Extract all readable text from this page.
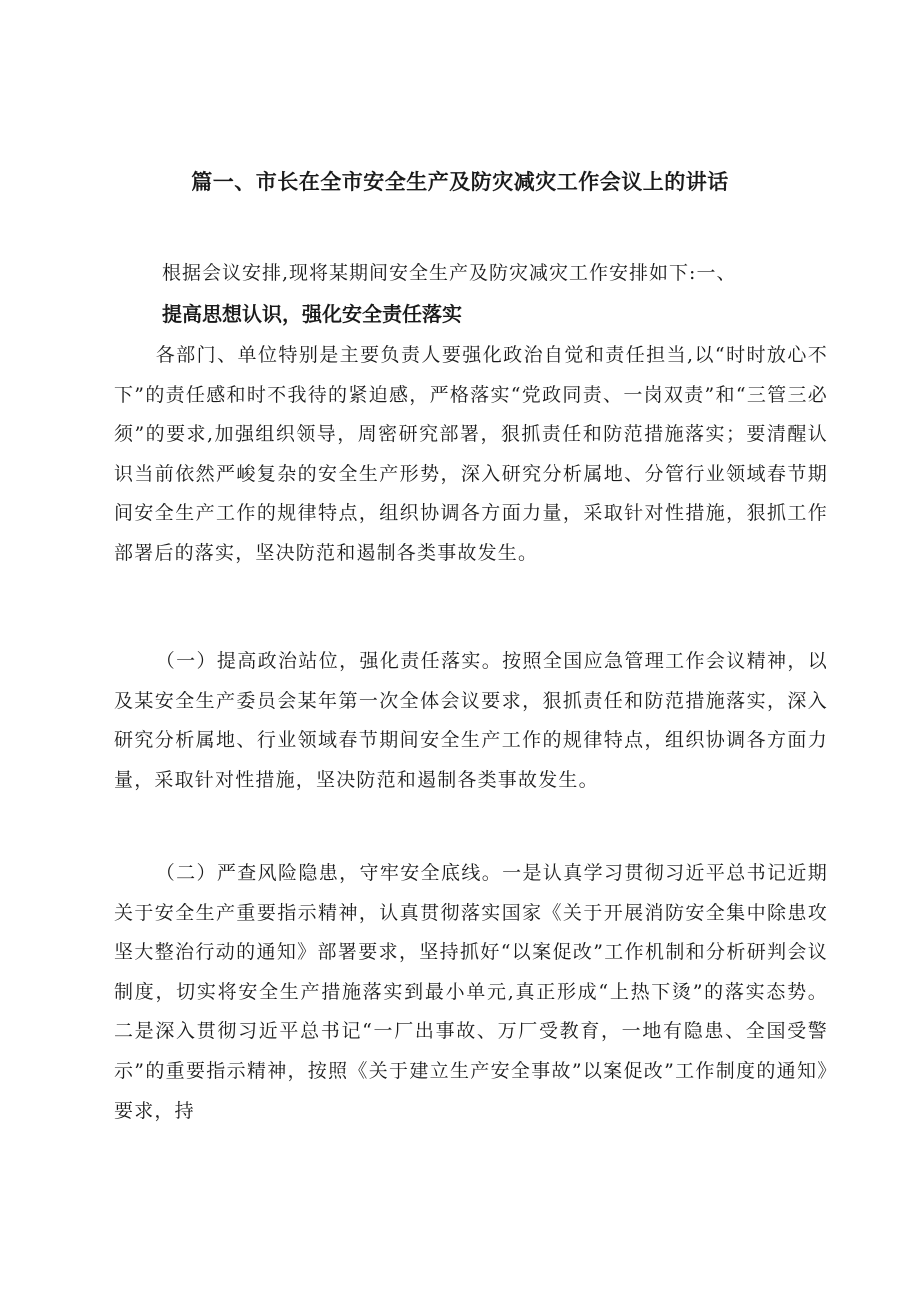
篇一、市长在全市安全生产及防灾减灾工作会议上的讲话

根据会议安排,现将某期间安全生产及防灾减灾工作安排如下:一、

提高思想认识，强化安全责任落实

各部门、单位特别是主要负责人要强化政治自觉和责任担当,以“时时放心不下”的责任感和时不我待的紧迫感，严格落实“党政同责、一岗双责”和“三管三必须”的要求,加强组织领导，周密研究部署，狠抓责任和防范措施落实；要清醒认识当前依然严峻复杂的安全生产形势，深入研究分析属地、分管行业领域春节期间安全生产工作的规律特点，组织协调各方面力量，采取针对性措施，狠抓工作部署后的落实，坚决防范和遏制各类事故发生。

（一）提高政治站位，强化责任落实。按照全国应急管理工作会议精神，以及某安全生产委员会某年第一次全体会议要求，狠抓责任和防范措施落实，深入研究分析属地、行业领域春节期间安全生产工作的规律特点，组织协调各方面力量，采取针对性措施，坚决防范和遏制各类事故发生。

（二）严查风险隐患，守牢安全底线。一是认真学习贯彻习近平总书记近期关于安全生产重要指示精神，认真贯彻落实国家《关于开展消防安全集中除患攻坚大整治行动的通知》部署要求，坚持抓好“以案促改”工作机制和分析研判会议制度，切实将安全生产措施落实到最小单元,真正形成“上热下烫”的落实态势。二是深入贯彻习近平总书记“一厂出事故、万厂受教育，一地有隐患、全国受警示”的重要指示精神，按照《关于建立生产安全事故”以案促改”工作制度的通知》要求，持
